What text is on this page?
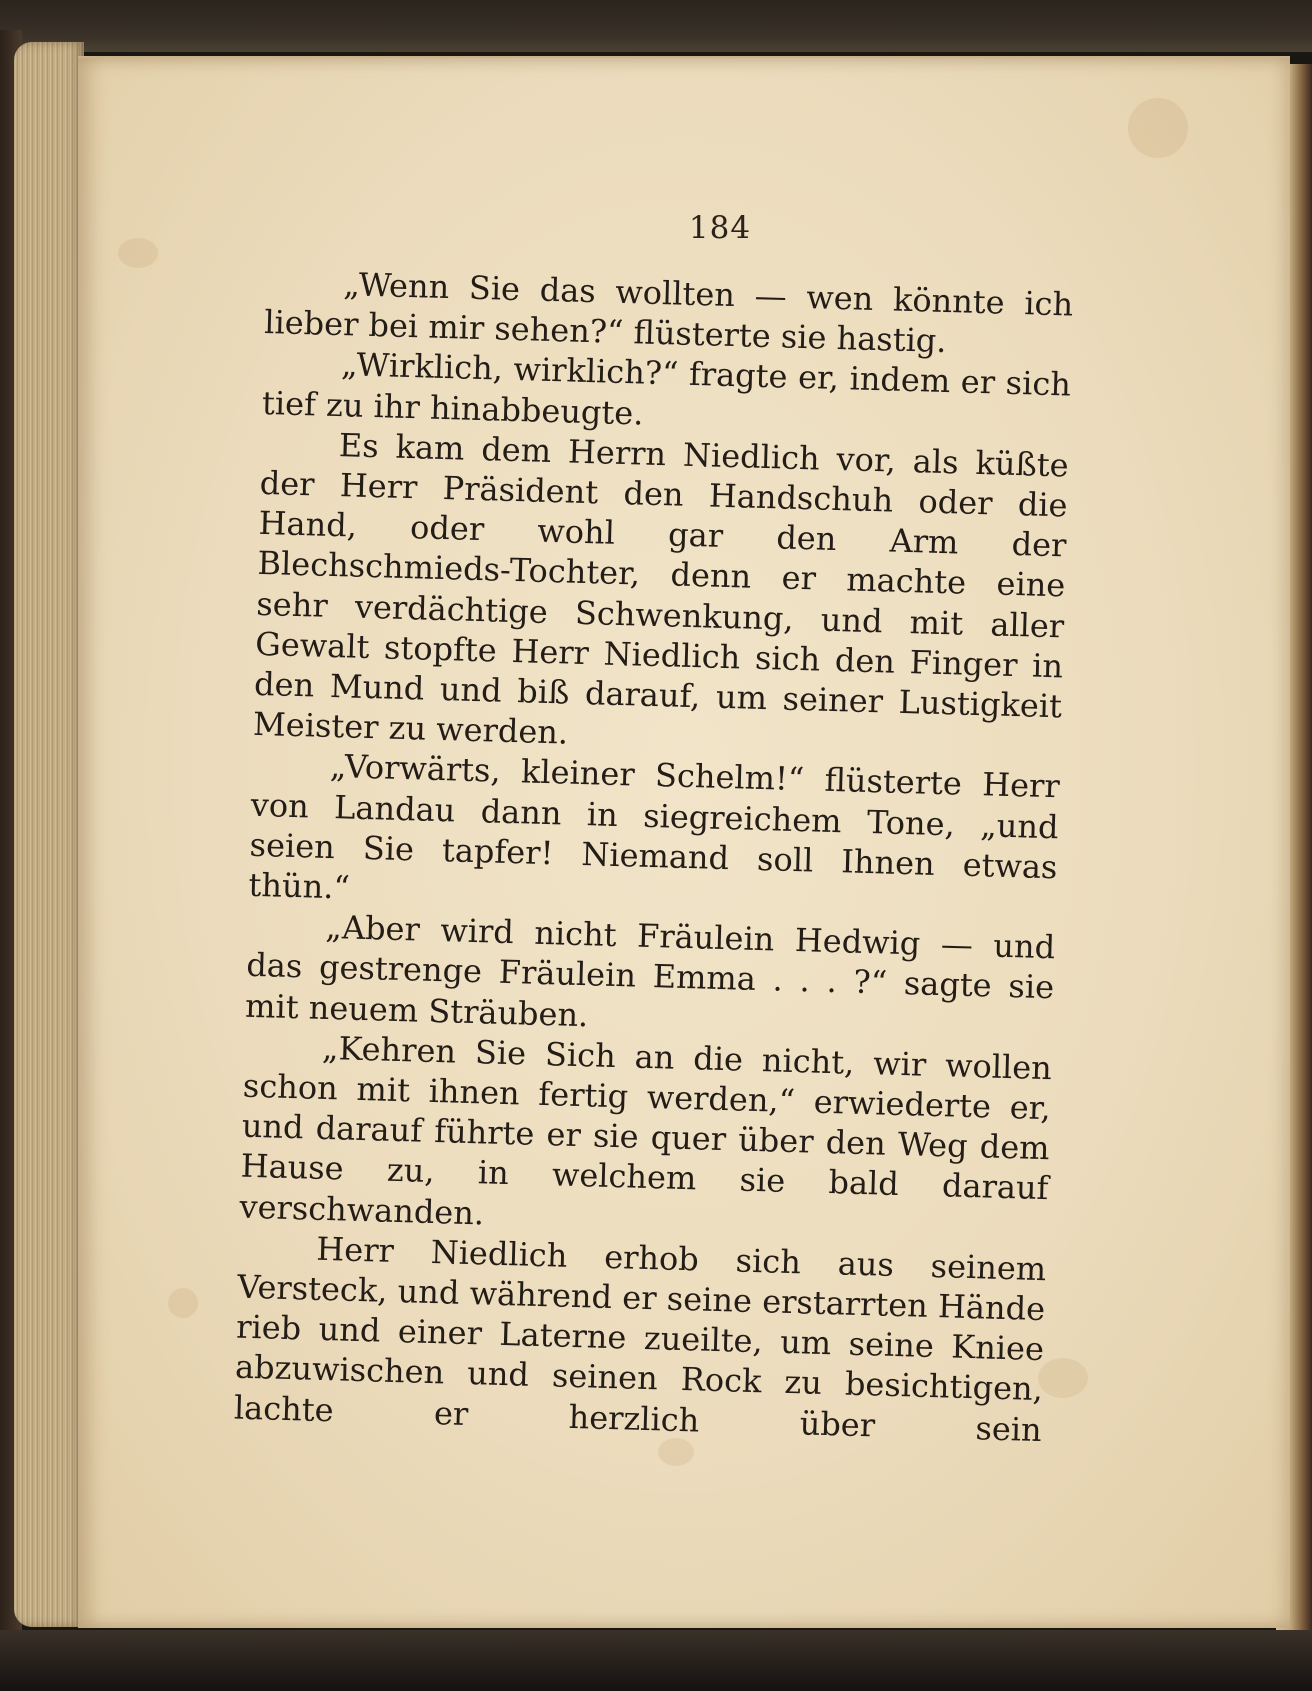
184

„Wenn Sie das wollten — wen könnte ich lieber bei mir sehen?“ flüsterte sie hastig.

„Wirklich, wirklich?“ fragte er, indem er sich tief zu ihr hinabbeugte.

Es kam dem Herrn Niedlich vor, als küßte der Herr Präsident den Handschuh oder die Hand, oder wohl gar den Arm der Blechschmieds-Tochter, denn er machte eine sehr verdächtige Schwenkung, und mit aller Gewalt stopfte Herr Niedlich sich den Finger in den Mund und biß darauf, um seiner Lustigkeit Meister zu werden.

„Vorwärts, kleiner Schelm!“ flüsterte Herr von Landau dann in siegreichem Tone, „und seien Sie tapfer! Niemand soll Ihnen etwas thün.“

„Aber wird nicht Fräulein Hedwig — und das gestrenge Fräulein Emma . . . ?“ sagte sie mit neuem Sträuben.

„Kehren Sie Sich an die nicht, wir wollen schon mit ihnen fertig werden,“ erwiederte er, und darauf führte er sie quer über den Weg dem Hause zu, in welchem sie bald darauf verschwanden.

Herr Niedlich erhob sich aus seinem Versteck, und während er seine erstarrten Hände rieb und einer Laterne zueilte, um seine Kniee abzuwischen und seinen Rock zu besichtigen, lachte er herzlich über sein
